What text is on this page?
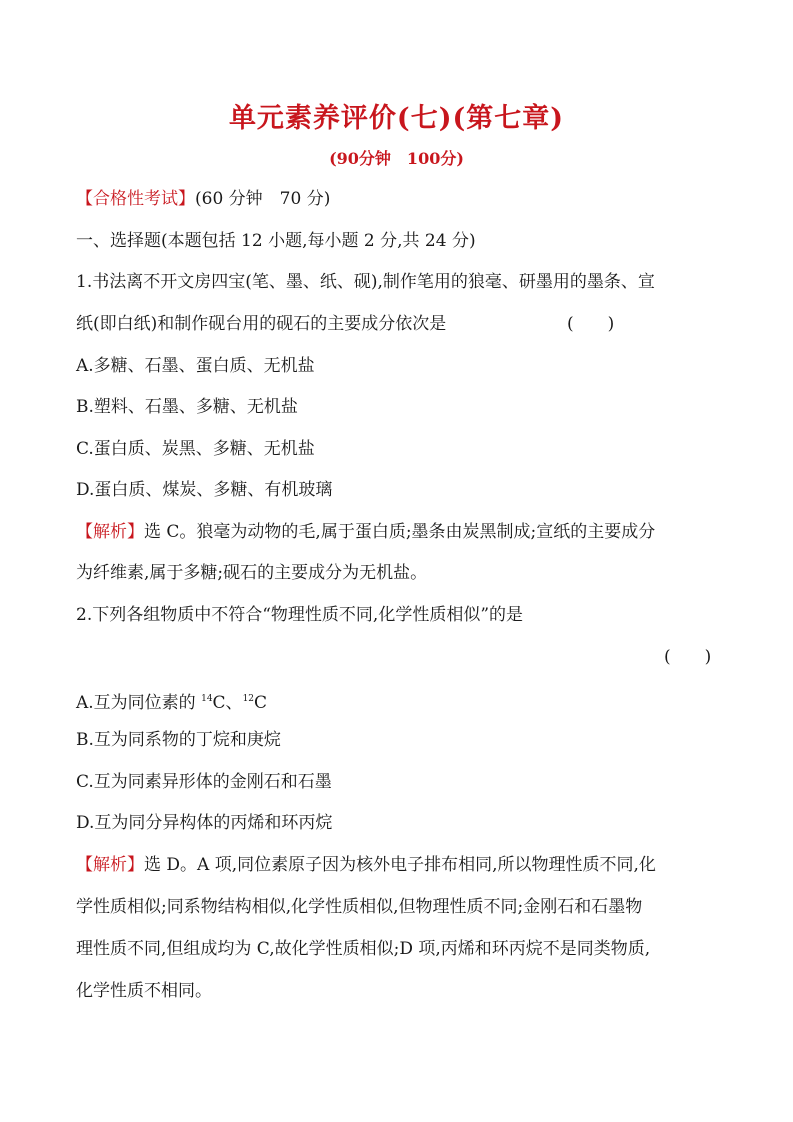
单元素养评价(七)(第七章)
(90分钟　100分)
【合格性考试】(60 分钟　70 分)
一、选择题(本题包括 12 小题,每小题 2 分,共 24 分)
1.书法离不开文房四宝(笔、墨、纸、砚),制作笔用的狼毫、研墨用的墨条、宣
纸(即白纸)和制作砚台用的砚石的主要成分依次是	(　　)
A.多糖、石墨、蛋白质、无机盐
B.塑料、石墨、多糖、无机盐
C.蛋白质、炭黑、多糖、无机盐
D.蛋白质、煤炭、多糖、有机玻璃
【解析】选 C。狼毫为动物的毛,属于蛋白质;墨条由炭黑制成;宣纸的主要成分
为纤维素,属于多糖;砚石的主要成分为无机盐。
2.下列各组物质中不符合“物理性质不同,化学性质相似”的是
(　　)
A.互为同位素的 $^{14}$C、$^{12}$C
B.互为同系物的丁烷和庚烷
C.互为同素异形体的金刚石和石墨
D.互为同分异构体的丙烯和环丙烷
【解析】选 D。A 项,同位素原子因为核外电子排布相同,所以物理性质不同,化
学性质相似;同系物结构相似,化学性质相似,但物理性质不同;金刚石和石墨物
理性质不同,但组成均为 C,故化学性质相似;D 项,丙烯和环丙烷不是同类物质,
化学性质不相同。
